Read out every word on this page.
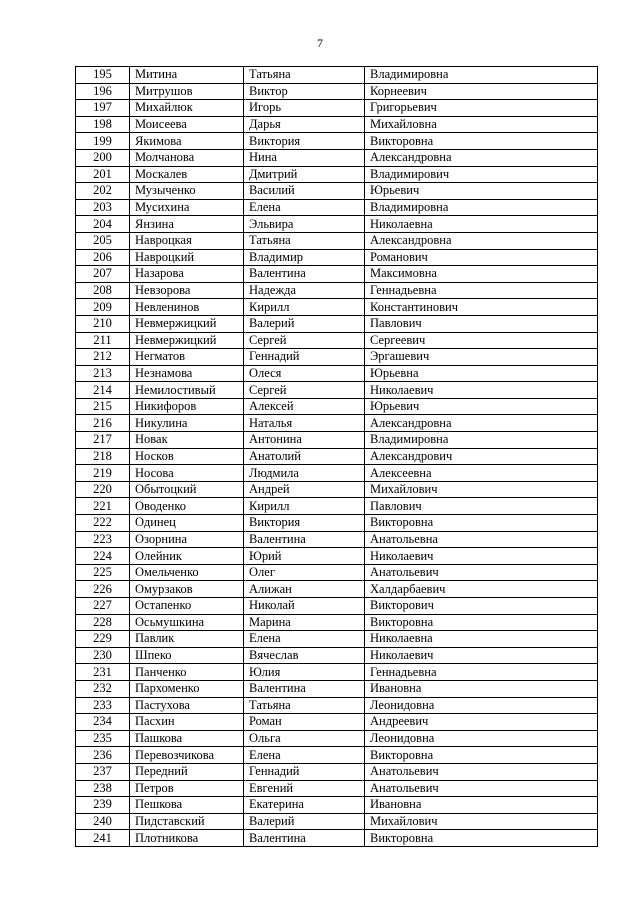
7
195	Митина	Татьяна	Владимировна
196	Митрушов	Виктор	Корнеевич
197	Михайлюк	Игорь	Григорьевич
198	Моисеева	Дарья	Михайловна
199	Якимова	Виктория	Викторовна
200	Молчанова	Нина	Александровна
201	Москалев	Дмитрий	Владимирович
202	Музыченко	Василий	Юрьевич
203	Мусихина	Елена	Владимировна
204	Янзина	Эльвира	Николаевна
205	Навроцкая	Татьяна	Александровна
206	Навроцкий	Владимир	Романович
207	Назарова	Валентина	Максимовна
208	Невзорова	Надежда	Геннадьевна
209	Невленинов	Кирилл	Константинович
210	Невмержицкий	Валерий	Павлович
211	Невмержицкий	Сергей	Сергеевич
212	Негматов	Геннадий	Эргашевич
213	Незнамова	Олеся	Юрьевна
214	Немилостивый	Сергей	Николаевич
215	Никифоров	Алексей	Юрьевич
216	Никулина	Наталья	Александровна
217	Новак	Антонина	Владимировна
218	Носков	Анатолий	Александрович
219	Носова	Людмила	Алексеевна
220	Обытоцкий	Андрей	Михайлович
221	Оводенко	Кирилл	Павлович
222	Одинец	Виктория	Викторовна
223	Озорнина	Валентина	Анатольевна
224	Олейник	Юрий	Николаевич
225	Омельченко	Олег	Анатольевич
226	Омурзаков	Алижан	Халдарбаевич
227	Остапенко	Николай	Викторович
228	Осьмушкина	Марина	Викторовна
229	Павлик	Елена	Николаевна
230	Шпеко	Вячеслав	Николаевич
231	Панченко	Юлия	Геннадьевна
232	Пархоменко	Валентина	Ивановна
233	Пастухова	Татьяна	Леонидовна
234	Пасхин	Роман	Андреевич
235	Пашкова	Ольга	Леонидовна
236	Перевозчикова	Елена	Викторовна
237	Передний	Геннадий	Анатольевич
238	Петров	Евгений	Анатольевич
239	Пешкова	Екатерина	Ивановна
240	Пидставский	Валерий	Михайлович
241	Плотникова	Валентина	Викторовна
